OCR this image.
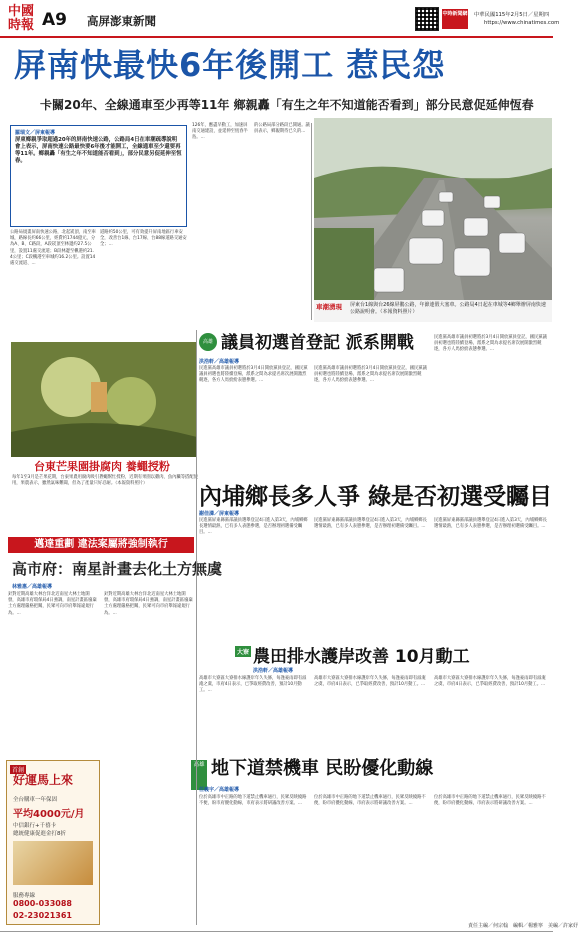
中國時報 A9 高屏澎東新聞	中時新聞網 中華民國115年2月5日／星期四
https://www.chinatimes.com
屏南快最快6年後開工 惹民怨
卡關20年、全線通車至少再等11年 鄉親轟「有生之年不知道能否看到」部分民意促延伸恆春
羅瑞文／屏東報導
屏東鄉親爭取超過20年的屏南快速公路，公路局4日在車潮疏導說明會上表示，屏南快速公路最快要6年後才能開工，全線通車至少還要再等11年。鄉親轟「有生之年不知道能否看到」，部分民意另促延伸至恆春。
公路局規畫屏南快速公路，北起崁頂，南至車城，路線長約66公里，經費約1744億元，分為A、B、C路段，A段崁頂至林邊約27.5公里，設置11處交流道；B段林邊至楓港約21.4公里；C段楓港至車城約16.2公里。設置14處交流道、...
道路約50公里，可有效提升屏南地區行車安全，改善台1線、台17線、台88線道路交通安全；...
126年，應盡早動工，加速屏南交通建設，並延伸至恆春半島。...
的公路局部分路段已開通。議員表示，鄉親期待已久的...
車潮湧現 屏東台1線與台26線屏鵝公路，年節連假大塞車。公路局4日起在車城等4鄉舉辦屏南快速公路說明會。（本報資料照片）
台東芒果園掛腐肉 養蠅授粉
每年1至3月是芒果花期，台東果農用腐肉吸引蒼蠅幫忙授粉，近期有果園以雞肉、魚內臟等搭配使用，果農表示，雖然氣味難聞，但為了產量只好忍耐。（本報資料照片）
邁達重劃 違法案屬將強制執行
高市府：南星計畫去化土方無虞
林雅惠／高雄報導
針對近期高雄大林台洋北辺南星大林土地開發，高雄市府環保局4日強調，南星計畫區廢棄土方處理嚴格把關，民眾可向市府舉報違規行為。...
針對近期高雄大林台洋北辺南星大林土地開發，高雄市府環保局4日強調，南星計畫區廢棄土方處理嚴格把關，民眾可向市府舉報違規行為。...
首創
好運馬上來
全台購車一年保固
平均4000元/月
中信銀行+千禧卡
總統健康促進金打8折
服務專線
0800-033088
02-23021361
高雄 議員初選首登記 派系開戰
洪浩軒／高雄報導
民進黨高雄市議員初選將於3月4日開放黨員登記，國民黨議員初選也將陸續登場，派系之間為求提名席次展開激烈競逐，各方人馬紛紛表態參選。...
民進黨高雄市議員初選將於3月4日開放黨員登記，國民黨議員初選也將陸續登場，派系之間為求提名席次展開激烈競逐，各方人馬紛紛表態參選。...
民進黨高雄市議員初選將於3月4日開放黨員登記，國民黨議員初選也將陸續登場，派系之間為求提名席次展開激烈競逐，各方人馬紛紛表態參選。...
內埔鄉長多人爭 綠是否初選受矚目
謝佳潾／屏東報導
民進黨屏東縣黨部議員選舉登記4日進入第3天，內埔鄉鄉長選情最熱，已有多人表態參選，是否辦理初選備受矚目。...
民進黨屏東縣黨部議員選舉登記4日進入第3天，內埔鄉鄉長選情最熱，已有多人表態參選，是否辦理初選備受矚目。...
民進黨屏東縣黨部議員選舉登記4日進入第3天，內埔鄉鄉長選情最熱，已有多人表態參選，是否辦理初選備受矚目。...
大寮 農田排水護岸改善 10月動工
洪浩軒／高雄報導
高雄市大寮區大寮排水線護岸年久失修，每逢豪雨即有溢淹之虞，市府4日表示，已爭取經費改善，預計10月動工。...
高雄市大寮區大寮排水線護岸年久失修，每逢豪雨即有溢淹之虞，市府4日表示，已爭取經費改善，預計10月動工。...
高雄市大寮區大寮排水線護岸年久失修，每逢豪雨即有溢淹之虞，市府4日表示，已爭取經費改善，預計10月動工。...
高雄 地下道禁機車 民盼優化動線
任義宇／高雄報導
位於高雄市中正路的地下道禁止機車通行，民眾反映繞路不便，盼市府優化動線，市府表示將研議改善方案。...
位於高雄市中正路的地下道禁止機車通行，民眾反映繞路不便，盼市府優化動線，市府表示將研議改善方案。...
位於高雄市中正路的地下道禁止機車通行，民眾反映繞路不便，盼市府優化動線，市府表示將研議改善方案。...
責任主編／何宗翰　編輯／楊雅寧　美編／許家妤
